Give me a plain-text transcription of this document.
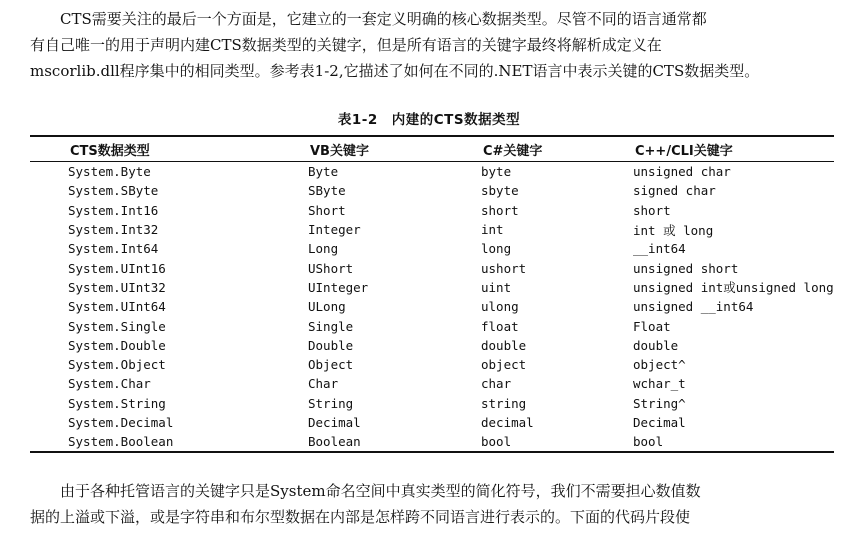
CTS需要关注的最后一个方面是，它建立的一套定义明确的核心数据类型。尽管不同的语言通常都
有自己唯一的用于声明内建CTS数据类型的关键字，但是所有语言的关键字最终将解析成定义在
mscorlib.dll程序集中的相同类型。参考表1-2,它描述了如何在不同的.NET语言中表示关键的CTS数据类型。

表1-2　内建的CTS数据类型
CTS数据类型	VB关键字	C#关键字	C++/CLI关键字
System.Byte	Byte	byte	unsigned char
System.SByte	SByte	sbyte	signed char
System.Int16	Short	short	short
System.Int32	Integer	int	int 或 long
System.Int64	Long	long	__int64
System.UInt16	UShort	ushort	unsigned short
System.UInt32	UInteger	uint	unsigned int或unsigned long
System.UInt64	ULong	ulong	unsigned __int64
System.Single	Single	float	Float
System.Double	Double	double	double
System.Object	Object	object	object^
System.Char	Char	char	wchar_t
System.String	String	string	String^
System.Decimal	Decimal	decimal	Decimal
System.Boolean	Boolean	bool	bool

由于各种托管语言的关键字只是System命名空间中真实类型的简化符号，我们不需要担心数值数
据的上溢或下溢，或是字符串和布尔型数据在内部是怎样跨不同语言进行表示的。下面的代码片段使
